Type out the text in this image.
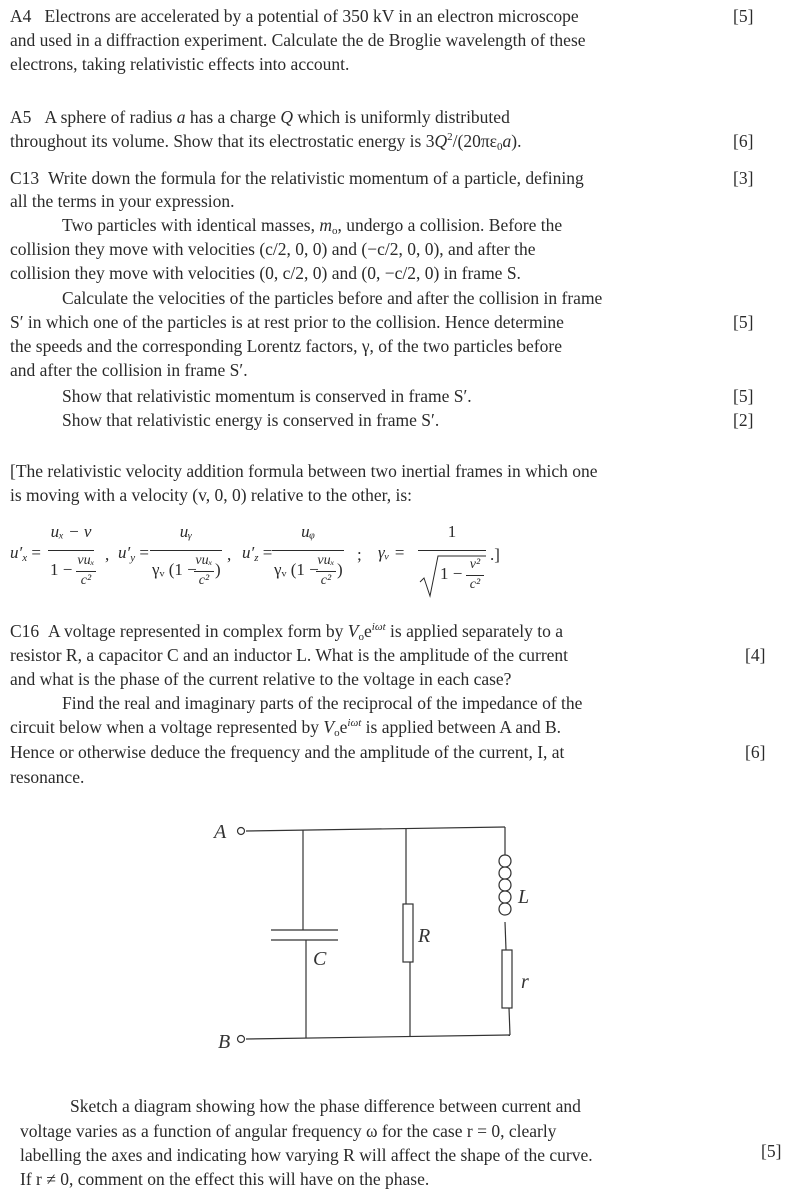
A4 Electrons are accelerated by a potential of 350 kV in an electron microscope	[5]
and used in a diffraction experiment. Calculate the de Broglie wavelength of these
electrons, taking relativistic effects into account.
A5 A sphere of radius a has a charge Q which is uniformly distributed
throughout its volume. Show that its electrostatic energy is $3Q^2/(20\pi\varepsilon_0a)$.	[6]
C13 Write down the formula for the relativistic momentum of a particle, defining	[3]
all the terms in your expression.
Two particles with identical masses, $m_o$, undergo a collision. Before the
collision they move with velocities (c/2, 0, 0) and (−c/2, 0, 0), and after the
collision they move with velocities (0, c/2, 0) and (0, −c/2, 0) in frame S.
Calculate the velocities of the particles before and after the collision in frame
S′ in which one of the particles is at rest prior to the collision. Hence determine	[5]
the speeds and the corresponding Lorentz factors, γ, of the two particles before
and after the collision in frame S′.
Show that relativistic momentum is conserved in frame S′.	[5]
Show that relativistic energy is conserved in frame S′.	[2]
[The relativistic velocity addition formula between two inertial frames in which one
is moving with a velocity (v, 0, 0) relative to the other, is:
$u'_x$ =
uₓ − v
1 − vuₓ
c²
, $u'_y$ =
uᵧ
γᵥ (1 −
vuₓ
c²
)
, $u'_z$ =
uᵩ
γᵥ (1 −
vuₓ
c²
)
; γᵥ =
1
1 − v²
c²
.]
C16 A voltage represented in complex form by $V_oe^{i\omega t}$ is applied separately to a
resistor R, a capacitor C and an inductor L. What is the amplitude of the current	[4]
and what is the phase of the current relative to the voltage in each case?
Find the real and imaginary parts of the reciprocal of the impedance of the
circuit below when a voltage represented by $V_oe^{i\omega t}$ is applied between A and B.
Hence or otherwise deduce the frequency and the amplitude of the current, I, at	[6]
resonance.
A
B
C
R
L
r
Sketch a diagram showing how the phase difference between current and
voltage varies as a function of angular frequency ω for the case r = 0, clearly
labelling the axes and indicating how varying R will affect the shape of the curve.	[5]
If r ≠ 0, comment on the effect this will have on the phase.
